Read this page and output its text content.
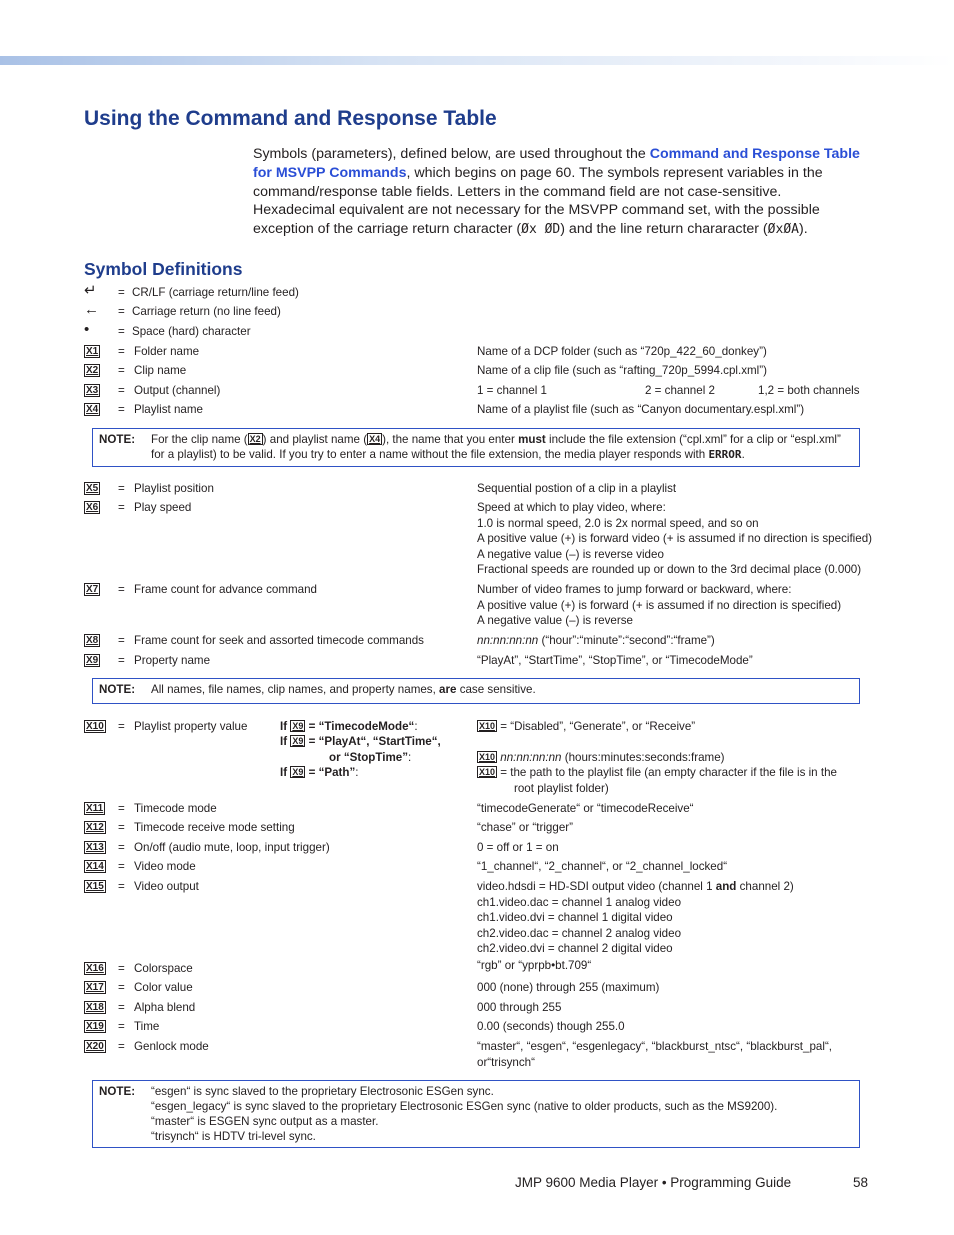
Using the Command and Response Table
Symbols (parameters), defined below, are used throughout the Command and Response Table for MSVPP Commands, which begins on page 60. The symbols represent variables in the command/response table fields. Letters in the command field are not case-sensitive. Hexadecimal equivalent are not necessary for the MSVPP command set, with the possible exception of the carriage return character (Øx ØD) and the line return chararacter (ØxØA).
Symbol Definitions
↵ = CR/LF (carriage return/line feed)
← = Carriage return (no line feed)
• = Space (hard) character
X1 = Folder name	Name of a DCP folder (such as “720p_422_60_donkey”)
X2 = Clip name	Name of a clip file (such as “rafting_720p_5994.cpl.xml”)
X3 = Output (channel)	1 = channel 1	2 = channel 2	1,2 = both channels
X4 = Playlist name	Name of a playlist file (such as “Canyon documentary.espl.xml”)
NOTE: For the clip name ( X2 ) and playlist name ( X4 ), the name that you enter must include the file extension (“cpl.xml” for a clip or “espl.xml” for a playlist) to be valid. If you try to enter a name without the file extension, the media player responds with ERROR.
X5 = Playlist position	Sequential postion of a clip in a playlist
X6 = Play speed	Speed at which to play video, where:
1.0 is normal speed, 2.0 is 2x normal speed, and so on
A positive value (+) is forward video (+ is assumed if no direction is specified)
A negative value (–) is reverse video
Fractional speeds are rounded up or down to the 3rd decimal place (0.000)
X7 = Frame count for advance command	Number of video frames to jump forward or backward, where:
A positive value (+) is forward (+ is assumed if no direction is specified)
A negative value (–) is reverse
X8 = Frame count for seek and assorted timecode commands	nn:nn:nn:nn (“hour”:“minute”:“second”:“frame”)
X9 = Property name	“PlayAt”, “StartTime”, “StopTime”, or “TimecodeMode”
NOTE: All names, file names, clip names, and property names, are case sensitive.
X10 = Playlist property value	If X9 = “TimecodeMode“:	X10 = “Disabled”, “Generate”, or “Receive”
If X9 = “PlayAt“, “StartTime“,
or “StopTime”:	X10 nn:nn:nn:nn (hours:minutes:seconds:frame)
If X9 = “Path”:	X10 = the path to the playlist file (an empty character if the file is in the
root playlist folder)
X11 = Timecode mode	“timecodeGenerate“ or “timecodeReceive“
X12 = Timecode receive mode setting	“chase” or “trigger”
X13 = On/off (audio mute, loop, input trigger)	0 = off or 1 = on
X14 = Video mode	“1_channel“, “2_channel“, or “2_channel_locked“
X15 = Video output	video.hdsdi = HD-SDI output video (channel 1 and channel 2)
ch1.video.dac = channel 1 analog video
ch1.video.dvi = channel 1 digital video
ch2.video.dac = channel 2 analog video
ch2.video.dvi = channel 2 digital video
X16 = Colorspace	“rgb” or “yprpb•bt.709“
X17 = Color value	000 (none) through 255 (maximum)
X18 = Alpha blend	000 through 255
X19 = Time	0.00 (seconds) though 255.0
X20 = Genlock mode	“master“, “esgen“, “esgenlegacy“, “blackburst_ntsc“, “blackburst_pal“,
or“trisynch“
NOTE: “esgen“ is sync slaved to the proprietary Electrosonic ESGen sync.
“esgen_legacy“ is sync slaved to the proprietary Electrosonic ESGen sync (native to older products, such as the MS9200).
“master“ is ESGEN sync output as a master.
“trisynch“ is HDTV tri-level sync.
JMP 9600 Media Player • Programming Guide	58
